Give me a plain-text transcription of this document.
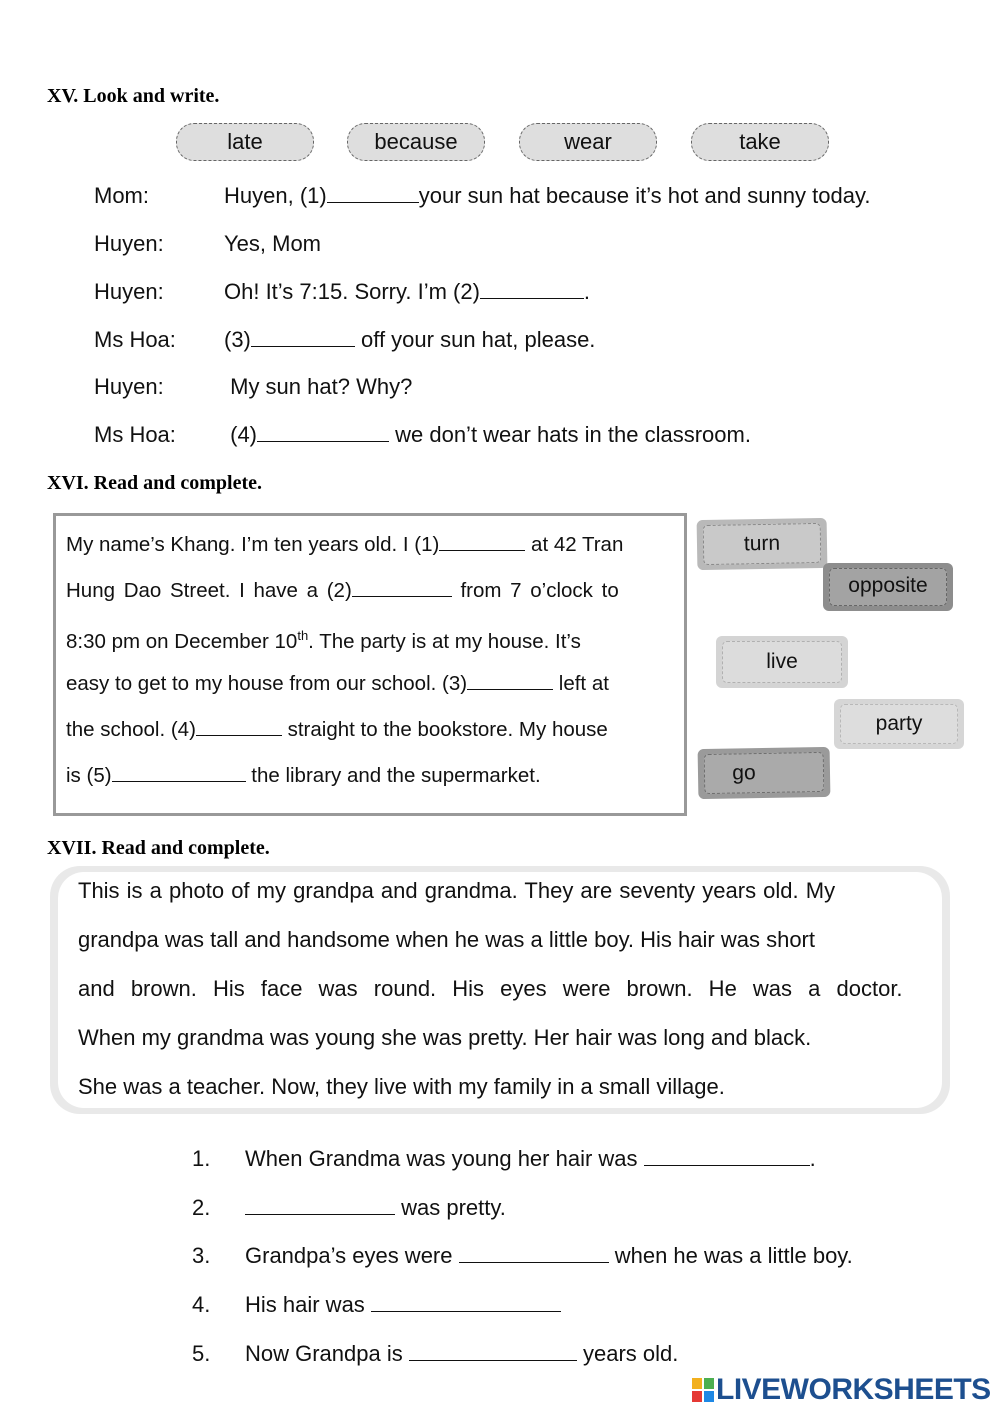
XV. Look and write.
late	because	wear	take
Mom:	Huyen, (1)	your sun hat because it’s hot and sunny today.
Huyen:	Yes, Mom
Huyen:	Oh! It’s 7:15. Sorry. I’m (2)	.
Ms Hoa:	(3)	off your sun hat, please.
Huyen:	My sun hat? Why?
Ms Hoa:	(4)	we don’t wear hats in the classroom.
XVI. Read and complete.
My name’s Khang. I’m ten years old. I (1)	at 42 Tran
Hung Dao Street. I have a (2)	from 7 o’clock to
8:30 pm on December 10th. The party is at my house. It’s
easy to get to my house from our school. (3)	left at
the school. (4)	straight to the bookstore. My house
is (5)	the library and the supermarket.
turn
opposite
live
party
go
XVII. Read and complete.
This is a photo of my grandpa and grandma. They are seventy years old. My
grandpa was tall and handsome when he was a little boy. His hair was short
and brown. His face was round. His eyes were brown. He was a doctor.
When my grandma was young she was pretty. Her hair was long and black.
She was a teacher. Now, they live with my family in a small village.
1. When Grandma was young her hair was	.
2.	was pretty.
3. Grandpa’s eyes were	when he was a little boy.
4. His hair was
5. Now Grandpa is	years old.
LIVEWORKSHEETS
